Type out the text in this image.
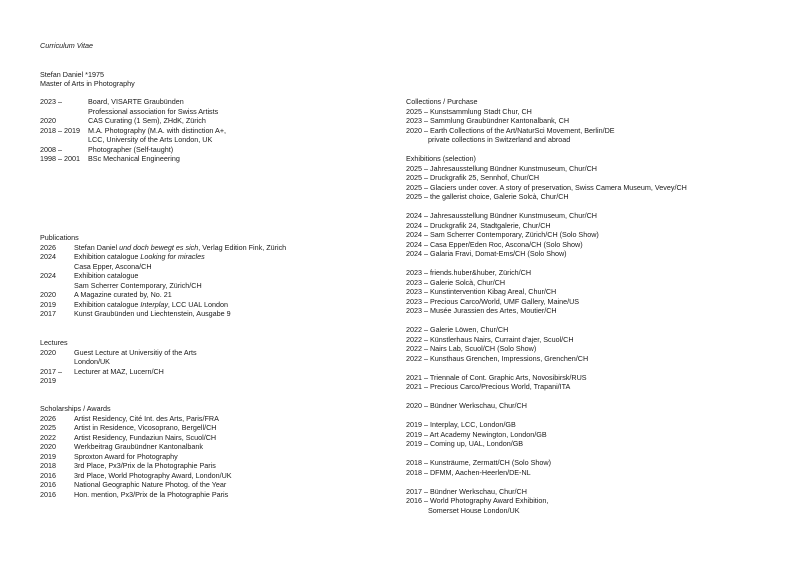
Curriculum Vitae
Stefan Daniel *1975
Master of Arts in Photography
2023 –	Board, VISARTE Graubünden
Professional association for Swiss Artists
2020	CAS Curating (1 Sem), ZHdK, Zürich
2018 – 2019	M.A. Photography (M.A. with distinction A+,
LCC, University of the Arts London, UK
2008 –	Photographer (Self-taught)
1998 – 2001	BSc Mechanical Engineering
Publications
2026	Stefan Daniel und doch bewegt es sich, Verlag Edition Fink, Zürich
2024	Exhibition catalogue Looking for miracles
Casa Epper, Ascona/CH
2024	Exhibition catalogue
Sam Scherrer Contemporary, Zürich/CH
2020	A Magazine curated by, No. 21
2019	Exhibition catalogue Interplay, LCC UAL London
2017	Kunst Graubünden und Liechtenstein, Ausgabe 9
Lectures
2020	Guest Lecture at Universitiy of the Arts
London/UK
2017 –	Lecturer at MAZ, Lucern/CH
2019
Scholarships / Awards
2026	Artist Residency, Cité Int. des Arts, Paris/FRA
2025	Artist in Residence, Vicosoprano, Bergell/CH
2022	Artist Residency, Fundaziun Nairs, Scuol/CH
2020	Werkbeitrag Graubündner Kantonalbank
2019	Sproxton Award for Photography
2018	3rd Place, Px3/Prix de la Photographie Paris
2016	3rd Place, World Photography Award, London/UK
2016	National Geographic Nature Photog. of the Year
2016	Hon. mention, Px3/Prix de la Photographie Paris
Collections / Purchase
2025 – Kunstsammlung Stadt Chur, CH
2023 – Sammlung Graubündner Kantonalbank, CH
2020 – Earth Collections of the Art/NaturSci Movement, Berlin/DE
private collections in Switzerland and abroad
Exhibitions (selection)
2025 – Jahresausstellung Bündner Kunstmuseum, Chur/CH
2025 – Druckgrafik 25, Sennhof, Chur/CH
2025 – Glaciers under cover. A story of preservation, Swiss Camera Museum, Vevey/CH
2025 – the gallerist choice, Galerie Solcà, Chur/CH
2024 – Jahresausstellung Bündner Kunstmuseum, Chur/CH
2024 – Druckgrafik 24, Stadtgalerie, Chur/CH
2024 – Sam Scherrer Contemporary, Zürich/CH (Solo Show)
2024 – Casa Epper/Eden Roc, Ascona/CH (Solo Show)
2024 – Galaria Fravi, Domat-Ems/CH (Solo Show)
2023 – friends.huber&huber, Zürich/CH
2023 – Galerie Solcà, Chur/CH
2023 – Kunstintervention Kibag Areal, Chur/CH
2023 – Precious Carco/World, UMF Gallery, Maine/US
2023 – Musée Jurassien des Artes, Moutier/CH
2022 – Galerie Löwen, Chur/CH
2022 – Künstlerhaus Nairs, Curraint d'ajer, Scuol/CH
2022 – Nairs Lab, Scuol/CH (Solo Show)
2022 – Kunsthaus Grenchen, Impressions, Grenchen/CH
2021 – Triennale of Cont. Graphic Arts, Novosibirsk/RUS
2021 – Precious Carco/Precious World, Trapani/ITA
2020 – Bündner Werkschau, Chur/CH
2019 – Interplay, LCC, London/GB
2019 – Art Academy Newington, London/GB
2019 – Coming up, UAL, London/GB
2018 – Kunsträume, Zermatt/CH (Solo Show)
2018 – DFMM, Aachen-Heerlen/DE-NL
2017 – Bündner Werkschau, Chur/CH
2016 – World Photography Award Exhibition,
Somerset House London/UK
